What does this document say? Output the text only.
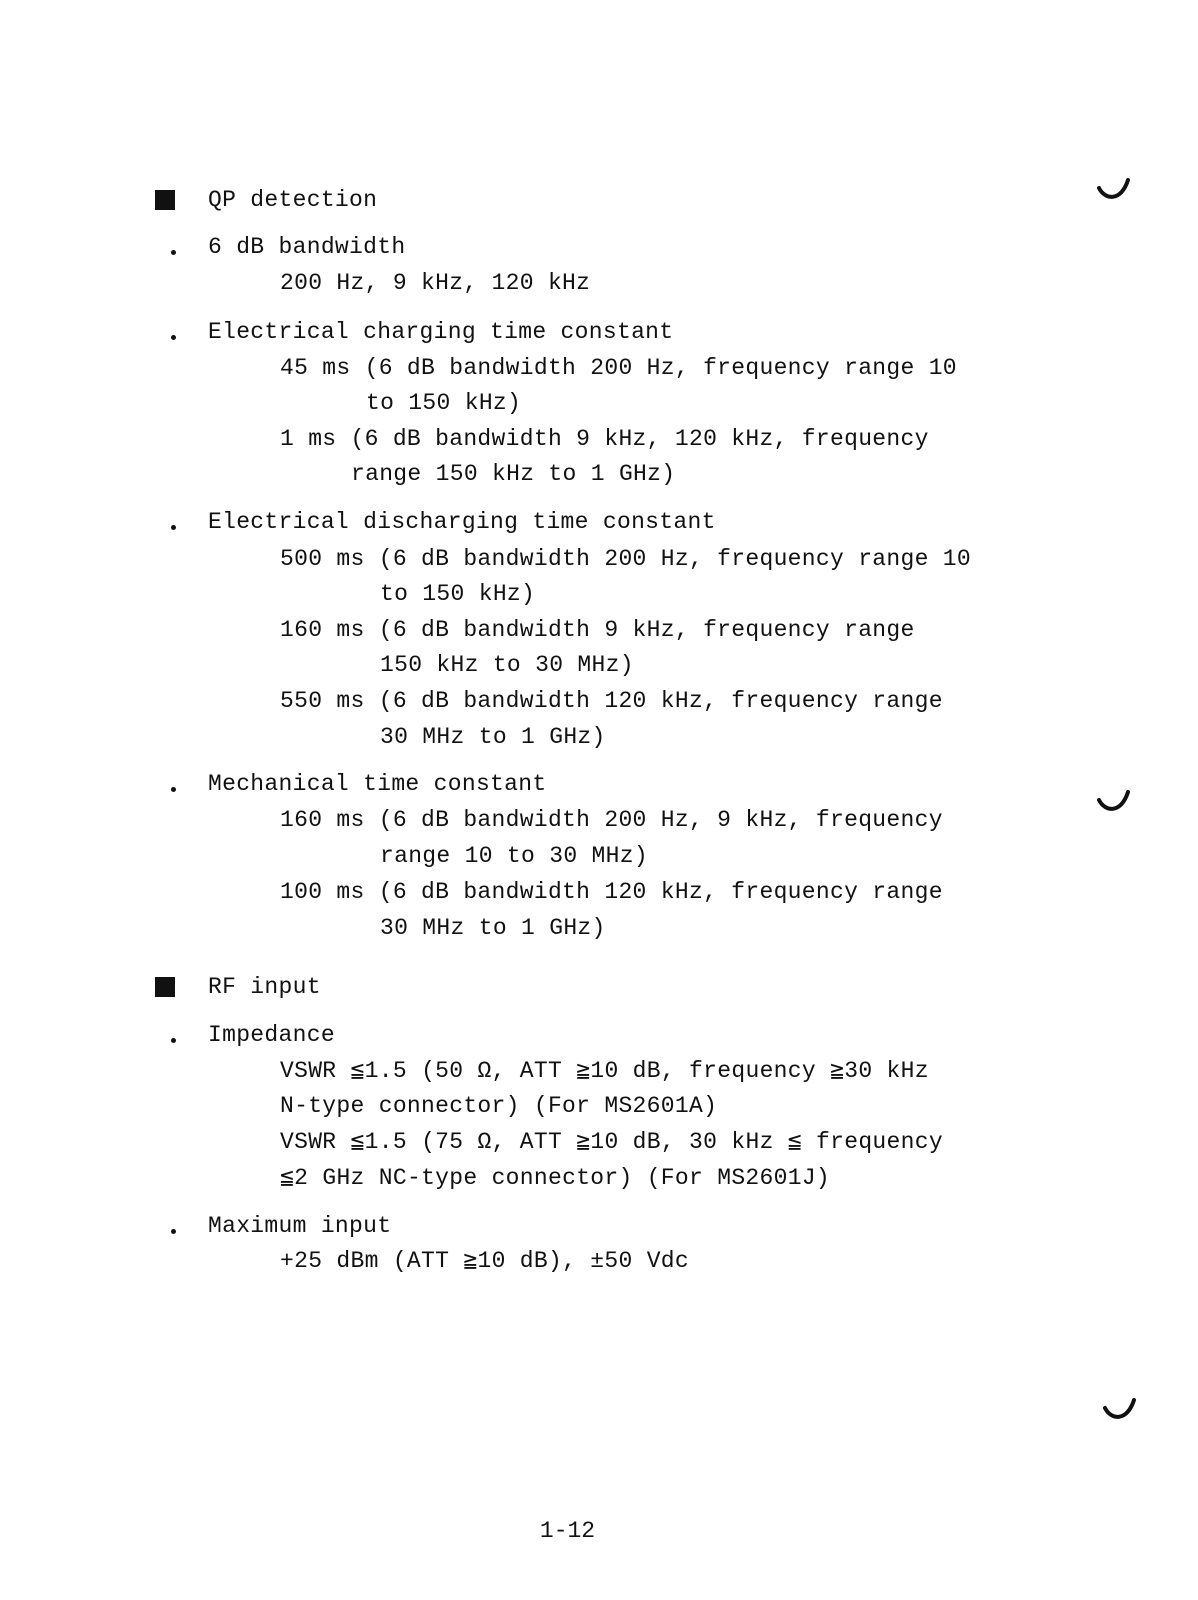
QP detection
6 dB bandwidth
200 Hz, 9 kHz, 120 kHz
Electrical charging time constant
45 ms (6 dB bandwidth 200 Hz, frequency range 10
to 150 kHz)
1 ms (6 dB bandwidth 9 kHz, 120 kHz, frequency
range 150 kHz to 1 GHz)
Electrical discharging time constant
500 ms (6 dB bandwidth 200 Hz, frequency range 10
to 150 kHz)
160 ms (6 dB bandwidth 9 kHz, frequency range
150 kHz to 30 MHz)
550 ms (6 dB bandwidth 120 kHz, frequency range
30 MHz to 1 GHz)
Mechanical time constant
160 ms (6 dB bandwidth 200 Hz, 9 kHz, frequency
range 10 to 30 MHz)
100 ms (6 dB bandwidth 120 kHz, frequency range
30 MHz to 1 GHz)
RF input
Impedance
VSWR ≦1.5 (50 Ω, ATT ≧10 dB, frequency ≧30 kHz
N-type connector) (For MS2601A)
VSWR ≦1.5 (75 Ω, ATT ≧10 dB, 30 kHz ≦ frequency
≦2 GHz NC-type connector) (For MS2601J)
Maximum input
+25 dBm (ATT ≧10 dB), ±50 Vdc
1-12
